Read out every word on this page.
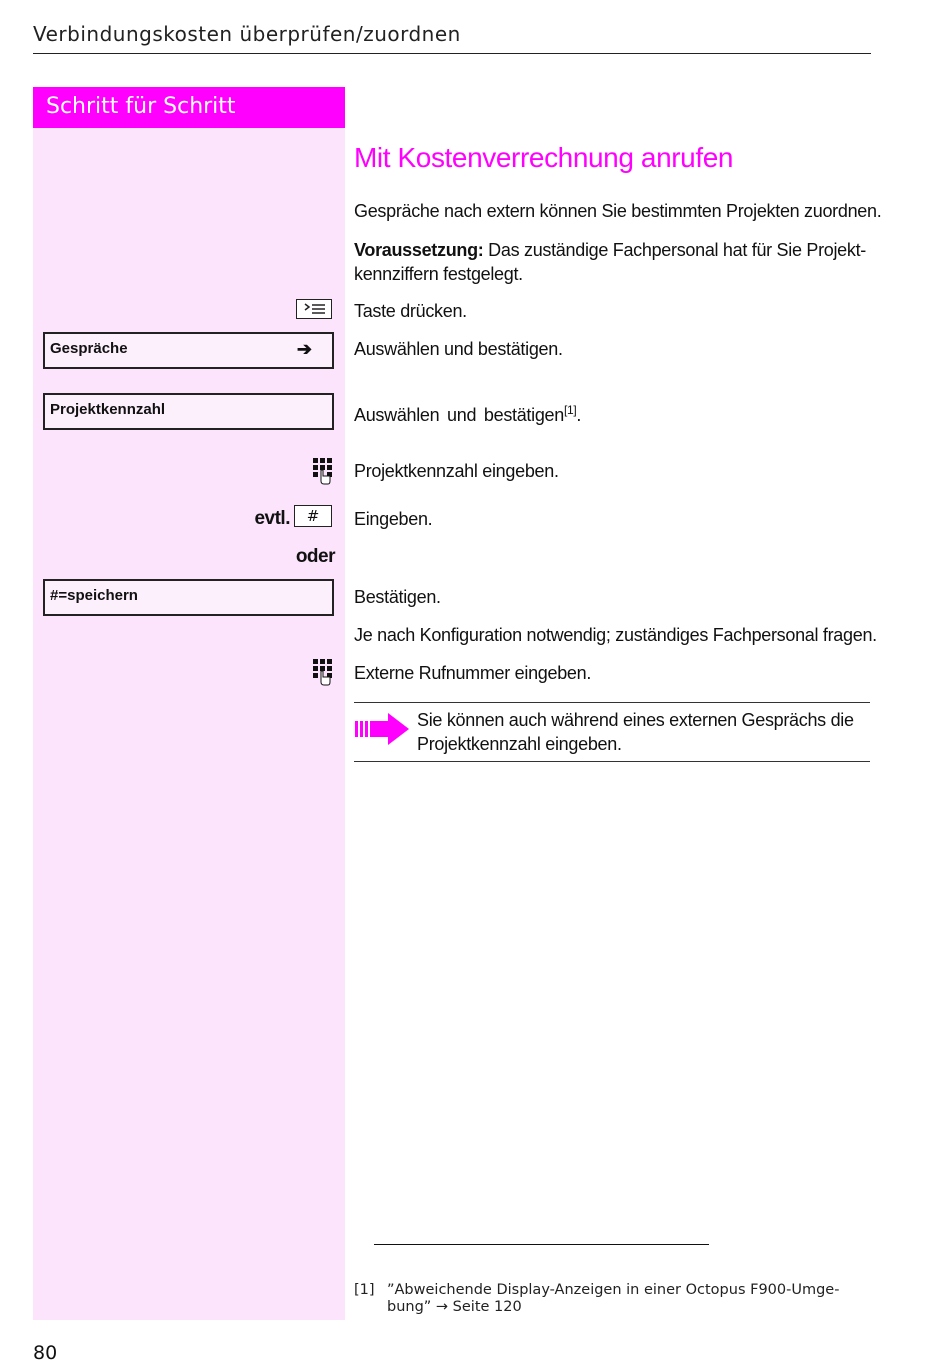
Verbindungskosten überprüfen/zuordnen
Schritt für Schritt
Gespräche	➔
Projektkennzahl
evtl. #
oder
#=speichern
Mit Kostenverrechnung anrufen
Gespräche nach extern können Sie bestimmten Projekten zuordnen.
Voraussetzung: Das zuständige Fachpersonal hat für Sie Projekt-
kennziffern festgelegt.
Taste drücken.
Auswählen und bestätigen.
Auswählen und bestätigen[1].
Projektkennzahl eingeben.
Eingeben.
Bestätigen.
Je nach Konfiguration notwendig; zuständiges Fachpersonal fragen.
Externe Rufnummer eingeben.
Sie können auch während eines externen Gesprächs die
Projektkennzahl eingeben.
[1] ”Abweichende Display-Anzeigen in einer Octopus F900-Umge-
bung” → Seite 120
80
